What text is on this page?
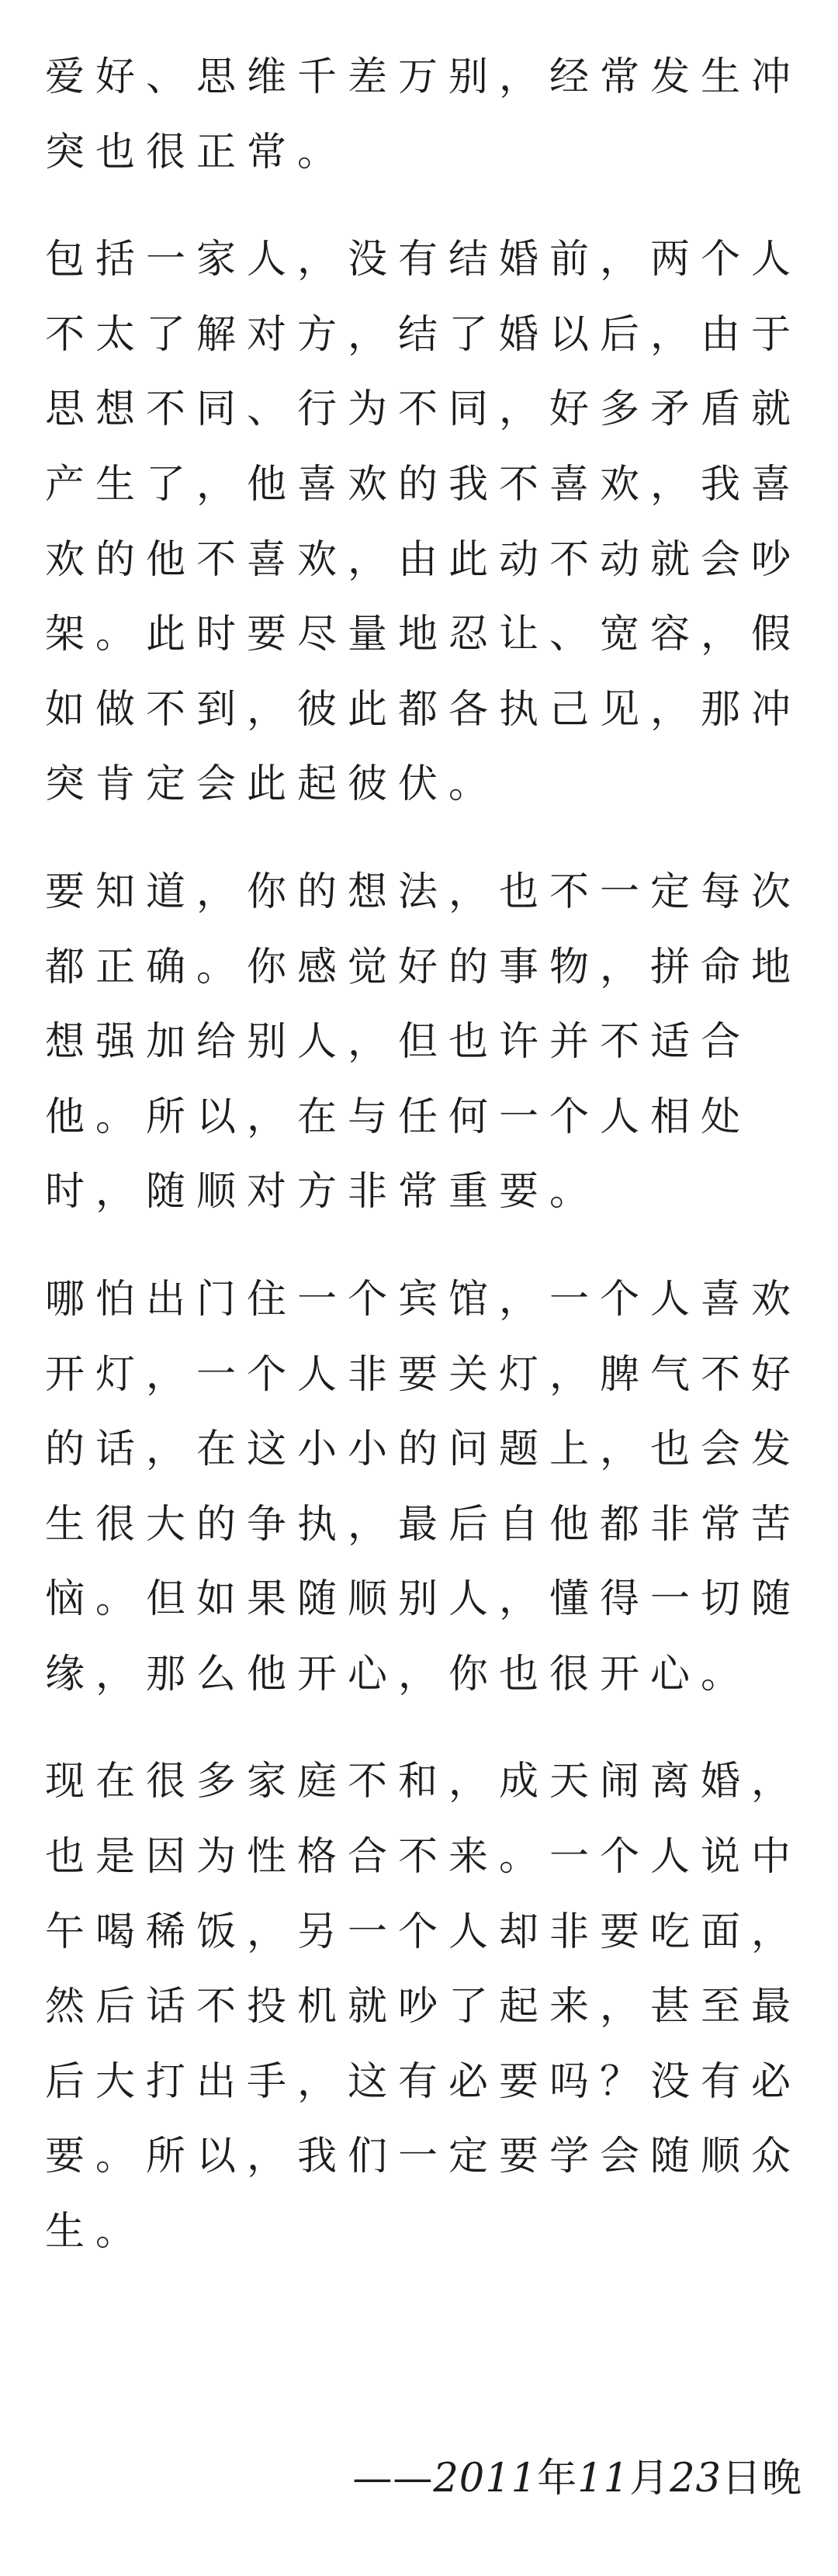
爱好、思维千差万别，经常发生冲
突也很正常。
包括一家人，没有结婚前，两个人
不太了解对方，结了婚以后，由于
思想不同、行为不同，好多矛盾就
产生了，他喜欢的我不喜欢，我喜
欢的他不喜欢，由此动不动就会吵
架。此时要尽量地忍让、宽容，假
如做不到，彼此都各执己见，那冲
突肯定会此起彼伏。
要知道，你的想法，也不一定每次
都正确。你感觉好的事物，拼命地
想强加给别人，但也许并不适合
他。所以，在与任何一个人相处
时，随顺对方非常重要。
哪怕出门住一个宾馆，一个人喜欢
开灯，一个人非要关灯，脾气不好
的话，在这小小的问题上，也会发
生很大的争执，最后自他都非常苦
恼。但如果随顺别人，懂得一切随
缘，那么他开心，你也很开心。
现在很多家庭不和，成天闹离婚，
也是因为性格合不来。一个人说中
午喝稀饭，另一个人却非要吃面，
然后话不投机就吵了起来，甚至最
后大打出手，这有必要吗？没有必
要。所以，我们一定要学会随顺众
生。
——2011年11月23日晚
